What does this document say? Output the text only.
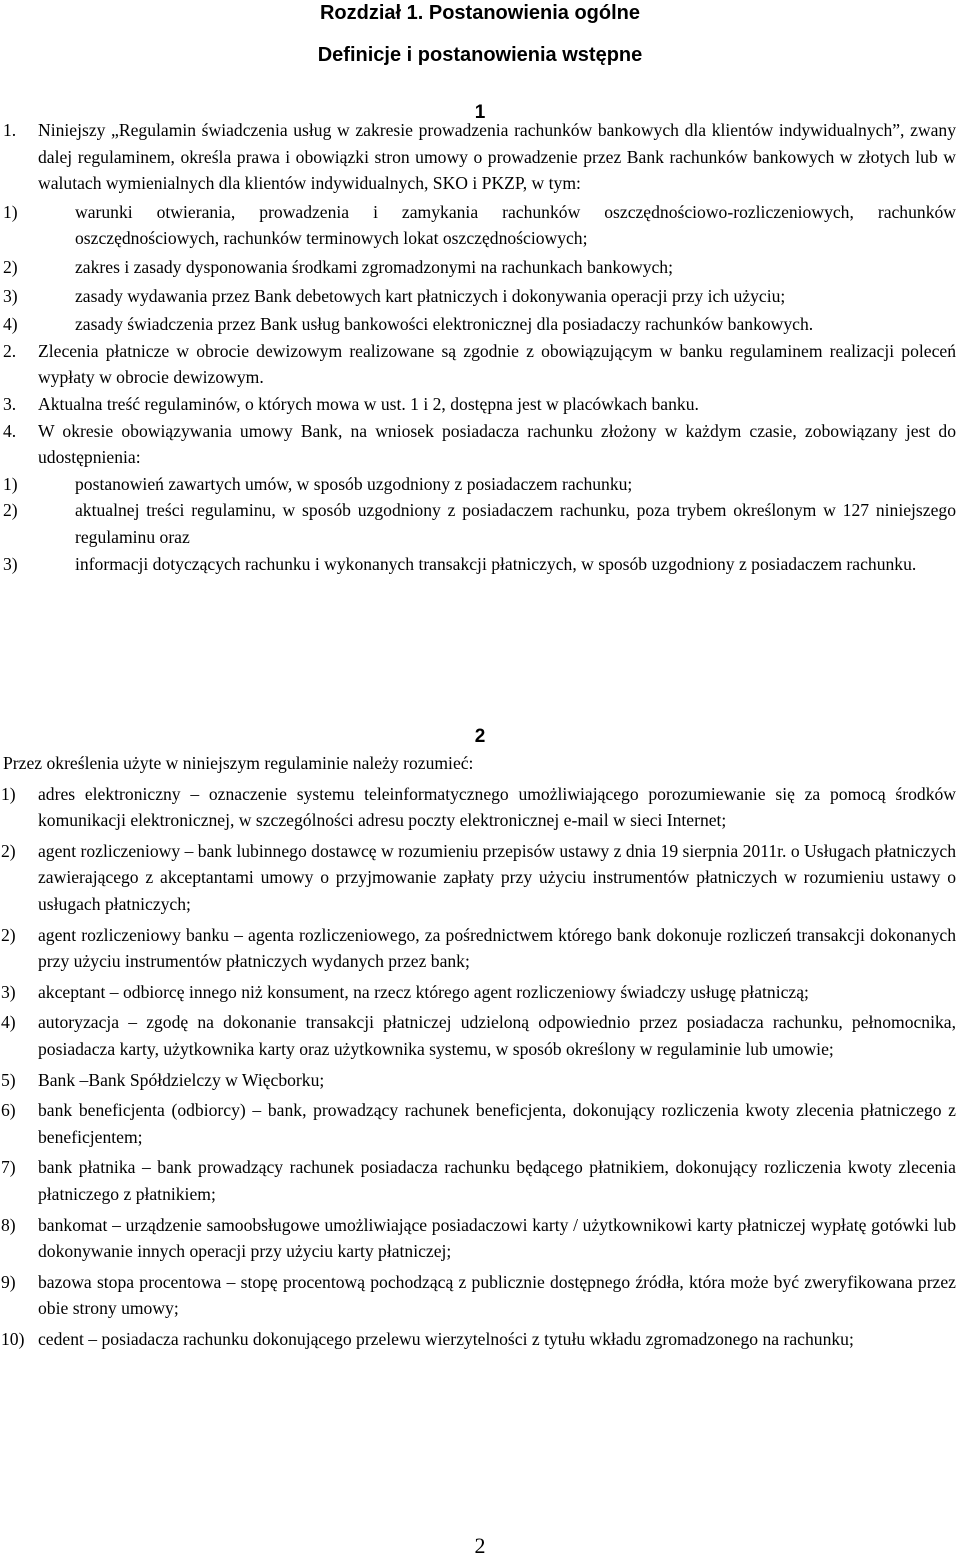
Rozdział 1. Postanowienia ogólne
Definicje i postanowienia wstępne
1
1.	Niniejszy „Regulamin świadczenia usług w zakresie prowadzenia rachunków bankowych dla klientów indywidualnych”, zwany dalej regulaminem, określa prawa i obowiązki stron umowy o prowadzenie przez Bank rachunków bankowych w złotych lub w walutach wymienialnych dla klientów indywidualnych, SKO i PKZP, w tym:
1)	warunki otwierania, prowadzenia i zamykania rachunków oszczędnościowo-rozliczeniowych, rachunków oszczędnościowych, rachunków terminowych lokat oszczędnościowych;
2)	zakres i zasady dysponowania środkami zgromadzonymi na rachunkach bankowych;
3)	zasady wydawania przez Bank debetowych kart płatniczych i dokonywania operacji przy ich użyciu;
4)	zasady świadczenia przez Bank usług bankowości elektronicznej dla posiadaczy rachunków bankowych.
2.	Zlecenia płatnicze w obrocie dewizowym realizowane są zgodnie z obowiązującym w banku regulaminem realizacji poleceń wypłaty w obrocie dewizowym.
3.	Aktualna treść regulaminów, o których mowa w ust. 1 i 2, dostępna jest w placówkach banku.
4.	W okresie obowiązywania umowy Bank, na wniosek posiadacza rachunku złożony w każdym czasie, zobowiązany jest do udostępnienia:
1)	postanowień zawartych umów, w sposób uzgodniony z posiadaczem rachunku;
2)	aktualnej treści regulaminu, w sposób uzgodniony z posiadaczem rachunku, poza trybem określonym w 127 niniejszego regulaminu oraz
3)	informacji dotyczących rachunku i wykonanych transakcji płatniczych, w sposób uzgodniony z posiadaczem rachunku.
2
Przez określenia użyte w niniejszym regulaminie należy rozumieć:
1)	adres elektroniczny – oznaczenie systemu teleinformatycznego umożliwiającego porozumiewanie się za pomocą środków komunikacji elektronicznej, w szczególności adresu poczty elektronicznej e-mail w sieci Internet;
2)	agent rozliczeniowy – bank lubinnego dostawcę w rozumieniu przepisów ustawy z dnia 19 sierpnia 2011r. o Usługach płatniczych zawierającego z akceptantami umowy o przyjmowanie zapłaty przy użyciu instrumentów płatniczych w rozumieniu ustawy o usługach płatniczych;
2)	agent rozliczeniowy banku – agenta rozliczeniowego, za pośrednictwem którego bank dokonuje rozliczeń transakcji dokonanych przy użyciu instrumentów płatniczych wydanych przez bank;
3)	akceptant – odbiorcę innego niż konsument, na rzecz którego agent rozliczeniowy świadczy usługę płatniczą;
4)	autoryzacja – zgodę na dokonanie transakcji płatniczej udzieloną odpowiednio przez posiadacza rachunku, pełnomocnika, posiadacza karty, użytkownika karty oraz użytkownika systemu, w sposób określony w regulaminie lub umowie;
5)	Bank –Bank Spółdzielczy w Więcborku;
6)	bank beneficjenta (odbiorcy) – bank, prowadzący rachunek beneficjenta, dokonujący rozliczenia kwoty zlecenia płatniczego z beneficjentem;
7)	bank płatnika – bank prowadzący rachunek posiadacza rachunku będącego płatnikiem, dokonujący rozliczenia kwoty zlecenia płatniczego z płatnikiem;
8)	bankomat – urządzenie samoobsługowe umożliwiające posiadaczowi karty / użytkownikowi karty płatniczej wypłatę gotówki lub dokonywanie innych operacji przy użyciu karty płatniczej;
9)	bazowa stopa procentowa – stopę procentową pochodzącą z publicznie dostępnego źródła, która może być zweryfikowana przez obie strony umowy;
10) cedent – posiadacza rachunku dokonującego przelewu wierzytelności z tytułu wkładu zgromadzonego na rachunku;
2
